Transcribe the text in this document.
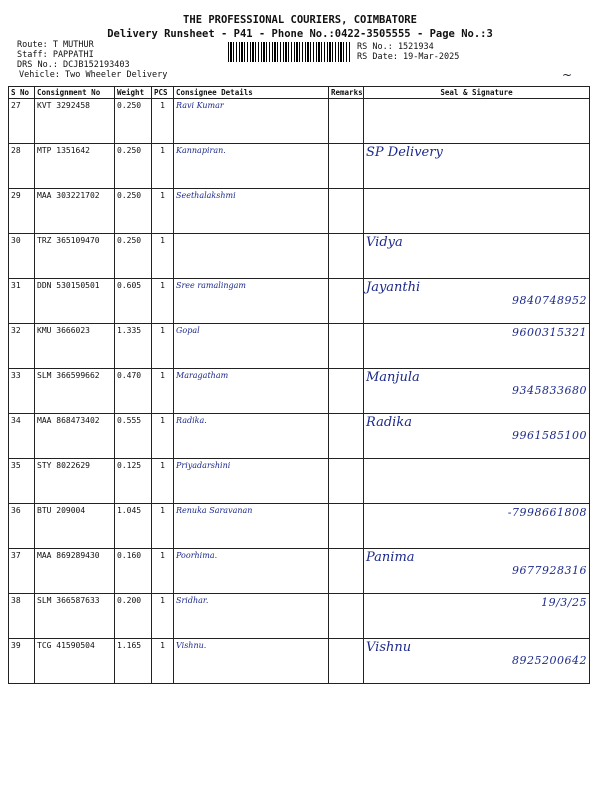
THE PROFESSIONAL COURIERS, COIMBATORE
Delivery Runsheet - P41 - Phone No.:0422-3505555 - Page No.:3
Route: T MUTHUR
Staff: PAPPATHI
DRS No.: DCJB152193403
Vehicle: Two Wheeler Delivery
RS No.: 1521934
RS Date: 19-Mar-2025
~
S No	Consignment No	Weight	PCS	Consignee Details	Remarks	Seal & Signature
27	KVT 3292458	0.250	1	Ravi Kumar		

28	MTP 1351642	0.250	1	Kannapiran.		SP Delivery

29	MAA 303221702	0.250	1	Seethalakshmi		

30	TRZ 365109470	0.250	1			Vidya

31	DDN 530150501	0.605	1	Sree ramalingam		Jayanthi
9840748952

32	KMU 3666023	1.335	1	Gopal		9600315321

33	SLM 366599662	0.470	1	Maragatham		Manjula
9345833680

34	MAA 868473402	0.555	1	Radika.		Radika
9961585100

35	STY 8022629	0.125	1	Priyadarshini		

36	BTU 209004	1.045	1	Renuka Saravanan		-7998661808

37	MAA 869289430	0.160	1	Poorhima.		Panima
9677928316

38	SLM 366587633	0.200	1	Sridhar.		19/3/25

39	TCG 41590504	1.165	1	Vishnu.		Vishnu
8925200642
